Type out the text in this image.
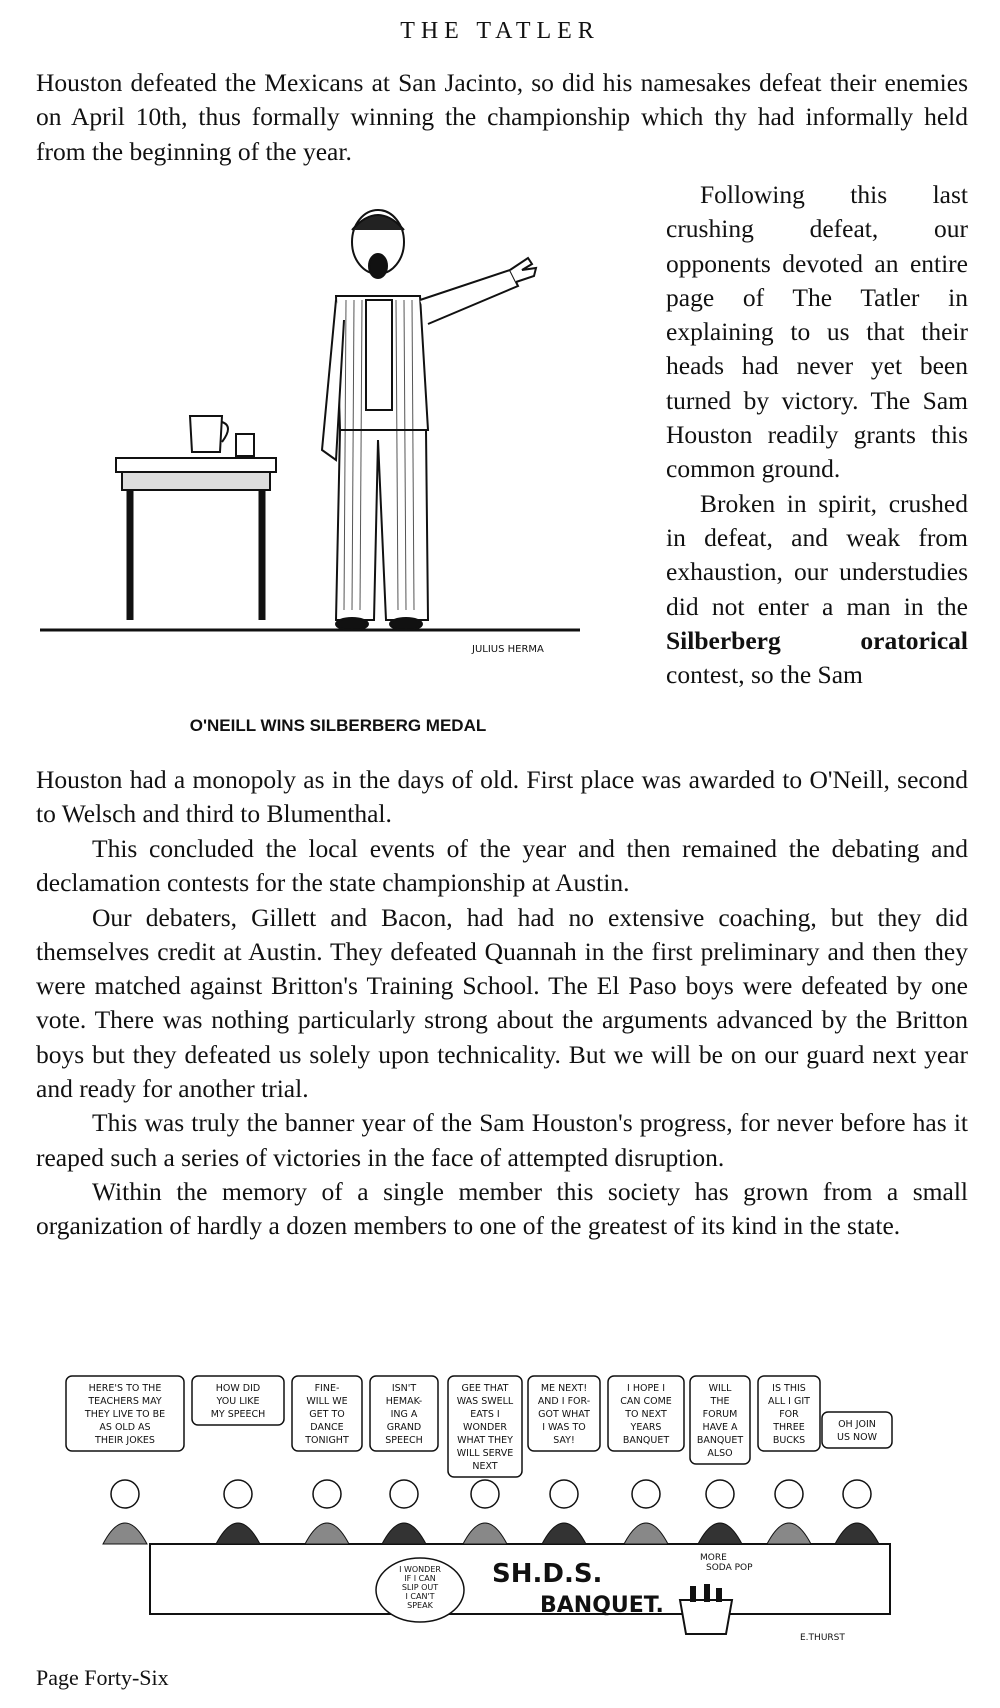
THE TATLER

Houston defeated the Mexicans at San Jacinto, so did his namesakes defeat their enemies on April 10th, thus formally winning the championship which thy had informally held from the beginning of the year.

JULIUS HERMA
O'NEILL WINS SILBERBERG MEDAL

Following this last crushing defeat, our opponents devoted an entire page of The Tatler in explaining to us that their heads had never yet been turned by victory. The Sam Houston readily grants this common ground.

Broken in spirit, crushed in defeat, and weak from exhaustion, our understudies did not enter a man in the Silberberg oratorical contest, so the Sam

Houston had a monopoly as in the days of old. First place was awarded to O'Neill, second to Welsch and third to Blumenthal.

This concluded the local events of the year and then remained the debating and declamation contests for the state championship at Austin.

Our debaters, Gillett and Bacon, had had no extensive coaching, but they did themselves credit at Austin. They defeated Quannah in the first preliminary and then they were matched against Britton's Training School. The El Paso boys were defeated by one vote. There was nothing particularly strong about the arguments advanced by the Britton boys but they defeated us solely upon technicality. But we will be on our guard next year and ready for another trial.

This was truly the banner year of the Sam Houston's progress, for never before has it reaped such a series of victories in the face of attempted disruption.

Within the memory of a single member this society has grown from a small organization of hardly a dozen members to one of the greatest of its kind in the state.

HERE'S TO THE
TEACHERS MAY
THEY LIVE TO BE
AS OLD AS
THEIR JOKES
HOW DID
YOU LIKE
MY SPEECH
FINE-
WILL WE
GET TO
DANCE
TONIGHT
ISN'T
HEMAK-
ING A
GRAND
SPEECH
GEE THAT
WAS SWELL
EATS I
WONDER
WHAT THEY
WILL SERVE
NEXT
ME NEXT!
AND I FOR-
GOT WHAT
I WAS TO
SAY!
I HOPE I
CAN COME
TO NEXT
YEARS
BANQUET
WILL
THE
FORUM
HAVE A
BANQUET
ALSO
IS THIS
ALL I GIT
FOR
THREE
BUCKS
OH JOIN
US NOW
I WONDER IF I CAN SLIP OUT I CAN'T SPEAK
SH.D.S.
BANQUET.
MORE SODA POP
E.THURST
Page Forty-Six
